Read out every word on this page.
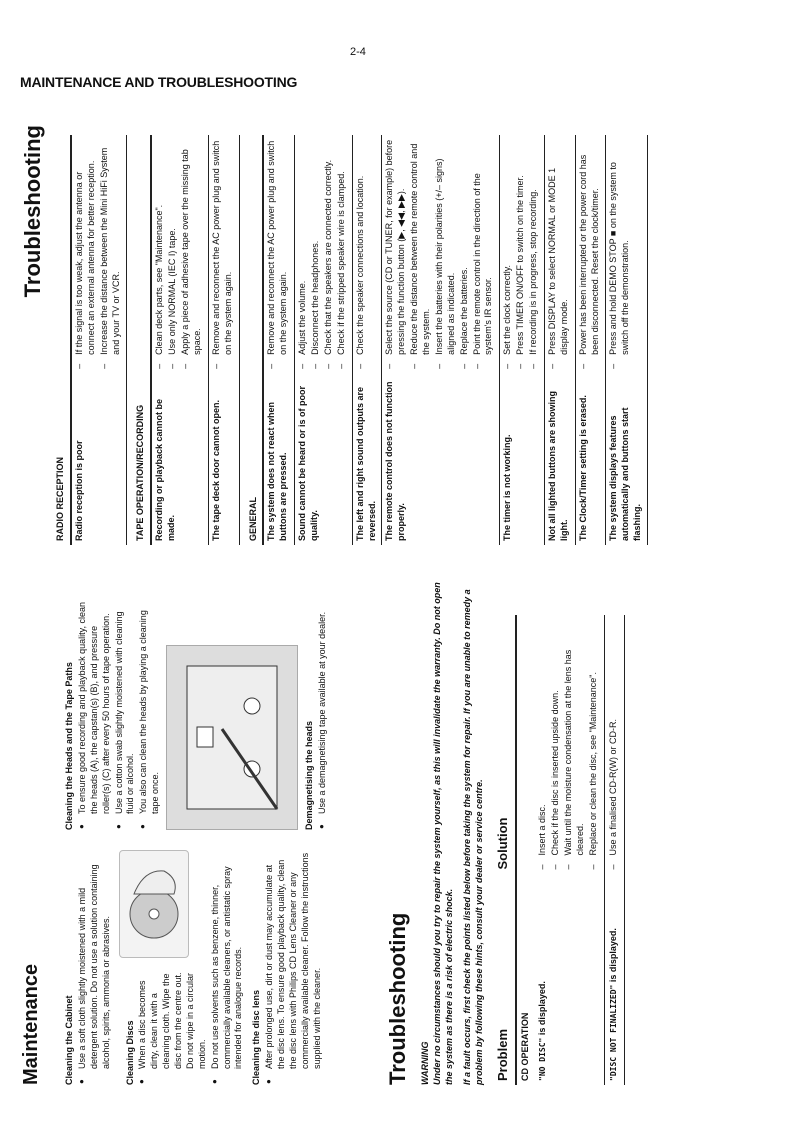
2-4
MAINTENANCE AND TROUBLESHOOTING
Maintenance Cleaning the Cabinet ● Use a soft cloth slightly moistened with a mild detergent solution. Do not use a solution containing alcohol, spirits, ammonia or abrasives. Cleaning Discs ● When a disc becomes dirty, clean it with a cleaning cloth. Wipe the disc from the centre out. Do not wipe in a circular motion. ● Do not use solvents such as benzene, thinner, commercially available cleaners, or antistatic spray intended for analogue records. Cleaning the disc lens ● After prolonged use, dirt or dust may accumulate at the disc lens. To ensure good playback quality, clean the disc lens with Philips CD Lens Cleaner or any commercially available cleaner. Follow the instructions supplied with the cleaner.
Cleaning the Heads and the Tape Paths ● To ensure good recording and playback quality, clean the heads (A), the capstan(s) (B), and pressure roller(s) (C) after every 50 hours of tape operation. ● Use a cotton swab slightly moistened with cleaning fluid or alcohol. ● You also can clean the heads by playing a cleaning tape once.	Demagnetising the heads ● Use a demagnetising tape available at your dealer.
Troubleshooting WARNING Under no circumstances should you try to repair the system yourself, as this will invalidate the warranty. Do not open the system as there is a risk of electric shock. If a fault occurs, first check the points listed below before taking the system for repair. If you are unable to remedy a problem by following these hints, consult your dealer or service centre. Problem	Solution
CD OPERATION	
"NO DISC" is displayed.	– Insert a disc. – Check if the disc is inserted upside down. – Wait until the moisture condensation at the lens has cleared. – Replace or clean the disc, see "Maintenance".

"DISC NOT FINALIZED" is displayed.	– Use a finalised CD-R(W) or CD-R.
Troubleshooting
RADIO RECEPTION	
Radio reception is poor	– If the signal is too weak, adjust the antenna or connect an external antenna for better reception. – Increase the distance between the Mini HiFi System and your TV or VCR.

TAPE OPERATION/RECORDING	
Recording or playback cannot be made.	– Clean deck parts, see "Maintenance". – Use only NORMAL (IEC I) tape. – Apply a piece of adhesive tape over the missing tab space.

The tape deck door cannot open.	– Remove and reconnect the AC power plug and switch on the system again.

GENERAL	
The system does not react when buttons are pressed.	– Remove and reconnect the AC power plug and switch on the system again.

Sound cannot be heard or is of poor quality.	– Adjust the volume. – Disconnect the headphones. – Check that the speakers are connected correctly. – Check if the stripped speaker wire is clamped.

The left and right sound outputs are reversed.	– Check the speaker connections and location.

The remote control does not function properly.	– Select the source (CD or TUNER, for example) before pressing the function button (▶, ◀◀, ▶▶). – Reduce the distance between the remote control and the system. – Insert the batteries with their polarities (+/– signs) aligned as indicated. – Replace the batteries. – Point the remote control in the direction of the system's IR sensor.

The timer is not working.	– Set the clock correctly. – Press TIMER ON/OFF to switch on the timer. – If recording is in progress, stop recording.

Not all lighted buttons are showing light.	– Press DISPLAY to select NORMAL or MODE 1 display mode.

The Clock/Timer setting is erased.	– Power has been interrupted or the power cord has been disconnected. Reset the clock/timer.

The system displays features automatically and buttons start flashing.	– Press and hold DEMO STOP ■ on the system to switch off the demonstration.
